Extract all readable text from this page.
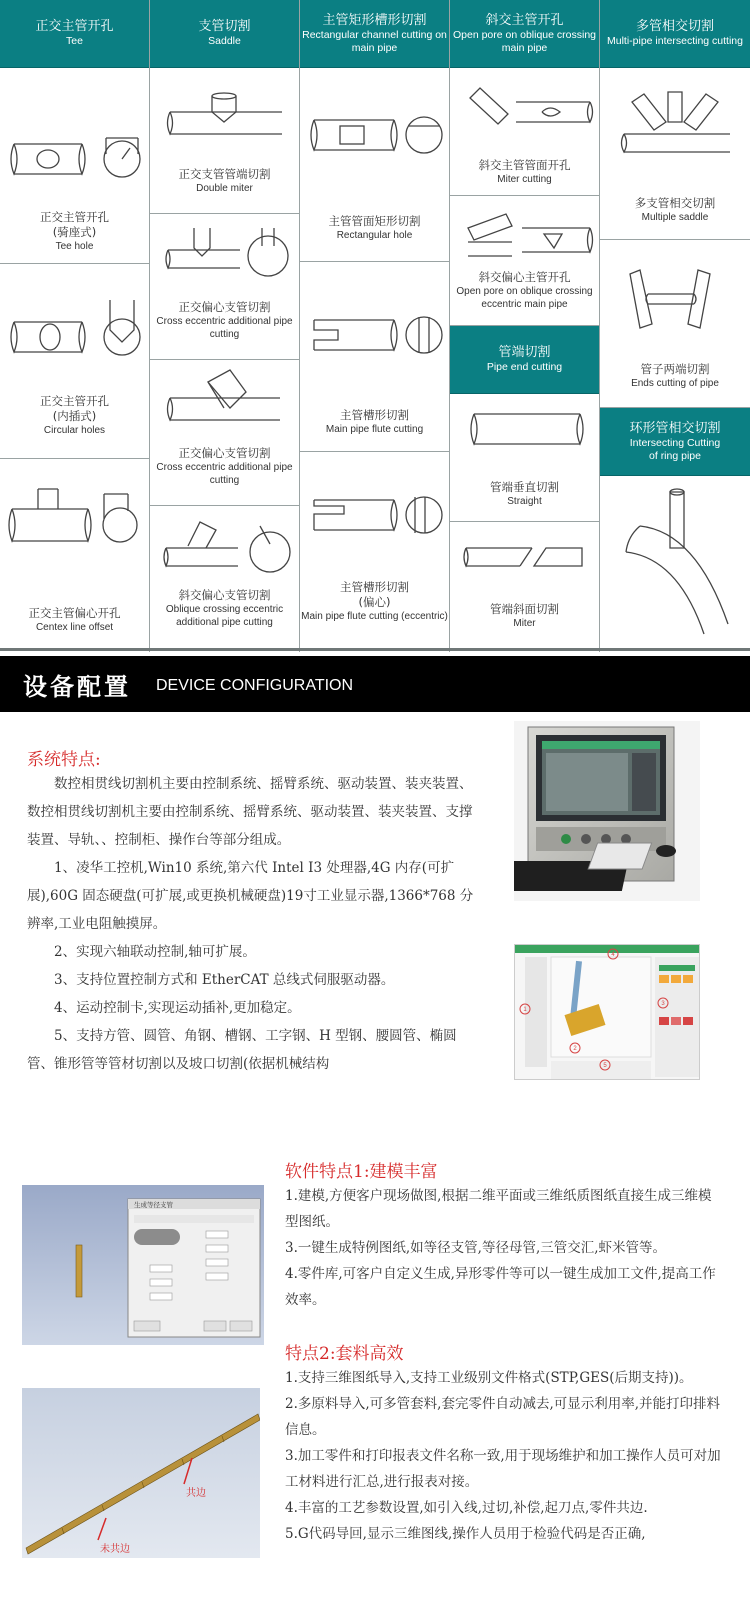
正交主管开孔
Tee
正交主管开孔
(骑座式)
Tee hole
正交主管开孔
(内插式)
Circular holes
正交主管偏心开孔
Centex line offset
支管切割
Saddle
正交支管管端切割
Double miter
正交偏心支管切割
Cross eccentric additional pipe cutting
正交偏心支管切割
Cross eccentric additional pipe cutting
斜交偏心支管切割
Oblique crossing eccentric additional pipe cutting
主管矩形槽形切割
Rectangular channel cutting on main pipe
主管管面矩形切割
Rectangular hole
主管槽形切割
Main pipe flute cutting
主管槽形切割
(偏心)
Main pipe flute cutting (eccentric)
斜交主管开孔
Open pore on oblique crossing main pipe
斜交主管管面开孔
Miter cutting
斜交偏心主管开孔
Open pore on oblique crossing eccentric main pipe
管端切割
Pipe end cutting
管端垂直切割
Straight
管端斜面切割
Miter
多管相交切割
Multi-pipe intersecting cutting
多支管相交切割
Multiple saddle
管子两端切割
Ends cutting of pipe
环形管相交切割
Intersecting Cutting of ring pipe
设备配置 DEVICE CONFIGURATION
系统特点:

数控相贯线切割机主要由控制系统、摇臂系统、驱动装置、装夹装置、数控相贯线切割机主要由控制系统、摇臂系统、驱动装置、装夹装置、支撑装置、导轨、、控制柜、操作台等部分组成。

1、凌华工控机,Win10 系统,第六代 Intel I3 处理器,4G 内存(可扩展),60G 固态硬盘(可扩展,或更换机械硬盘)19寸工业显示器,1366*768 分辨率,工业电阻触摸屏。

2、实现六轴联动控制,轴可扩展。

3、支持位置控制方式和 EtherCAT 总线式伺服驱动器。

4、运动控制卡,实现运动插补,更加稳定。

5、支持方管、圆管、角钢、槽钢、工字钢、H 型钢、腰圆管、椭圆管、锥形管等管材切割以及坡口切割(依据机械结构

1
2
3
4
5
软件特点1:建模丰富

1.建模,方便客户现场做图,根据二维平面或三维纸质图纸直接生成三维模型图纸。

3.一键生成特例图纸,如等径支管,等径母管,三管交汇,虾米管等。

4.零件库,可客户自定义生成,异形零件等可以一键生成加工文件,提高工作效率。

特点2:套料高效

1.支持三维图纸导入,支持工业级别文件格式(STP,GES(后期支持))。

2.多原料导入,可多管套料,套完零件自动减去,可显示利用率,并能打印排料信息。

3.加工零件和打印报表文件名称一致,用于现场维护和加工操作人员可对加工材料进行汇总,进行报表对接。

4.丰富的工艺参数设置,如引入线,过切,补偿,起刀点,零件共边.

5.G代码导回,显示三维图线,操作人员用于检验代码是否正确,

生成等径支管
共边
未共边
